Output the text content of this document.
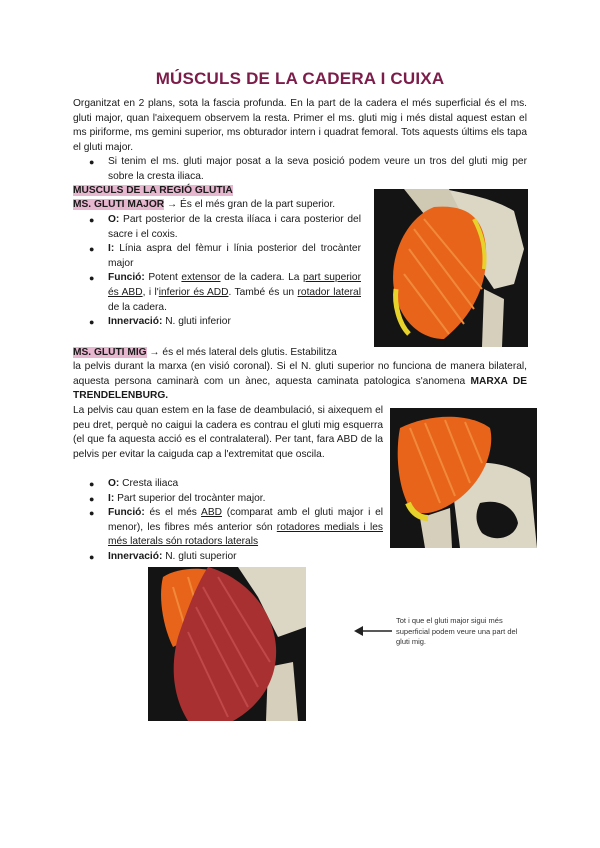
MÚSCULS DE LA CADERA I CUIXA
Organitzat en 2 plans, sota la fascia profunda. En la part de la cadera el més superficial és el ms. gluti major, quan l'aixequem observem la resta. Primer el ms. gluti mig i més distal aquest estan el ms piriforme, ms gemini superior, ms obturador intern i quadrat femoral. Tots aquests últims els tapa el gluti major.
● Si tenim el ms. gluti major posat a la seva posició podem veure un tros del gluti mig per sobre la cresta iliaca.
MUSCULS DE LA REGIÓ GLUTIA
MS. GLUTI MAJOR → És el més gran de la part superior.
● O: Part posterior de la cresta ilíaca i cara posterior del sacre i el coxis.
● I: Línia aspra del fèmur i línia posterior del trocànter major
● Funció: Potent extensor de la cadera. La part superior és ABD, i l'inferior és ADD. També és un rotador lateral de la cadera.
● Innervació: N. gluti inferior
MS. GLUTI MIG → és el més lateral dels glutis. Estabilitza
la pelvis durant la marxa (en visió coronal). Si el N. gluti superior no funciona de manera bilateral, aquesta persona caminarà com un ànec, aquesta caminata patologica s'anomena MARXA DE TRENDELENBURG.
La pelvis cau quan estem en la fase de deambulació, si aixequem el peu dret, perquè no caigui la cadera es contrau el gluti mig esquerra (el que fa aquesta acció es el contralateral). Per tant, fara ABD de la pelvis per evitar la caiguda cap a l'extremitat que oscila.
● O: Cresta iliaca
● I: Part superior del trocànter major.
● Funció: és el més ABD (comparat amb el gluti major i el menor), les fibres més anterior són rotadores medials i les més laterals són rotadors laterals
● Innervació: N. gluti superior
Tot i que el gluti major sigui més superficial podem veure una part del gluti mig.
